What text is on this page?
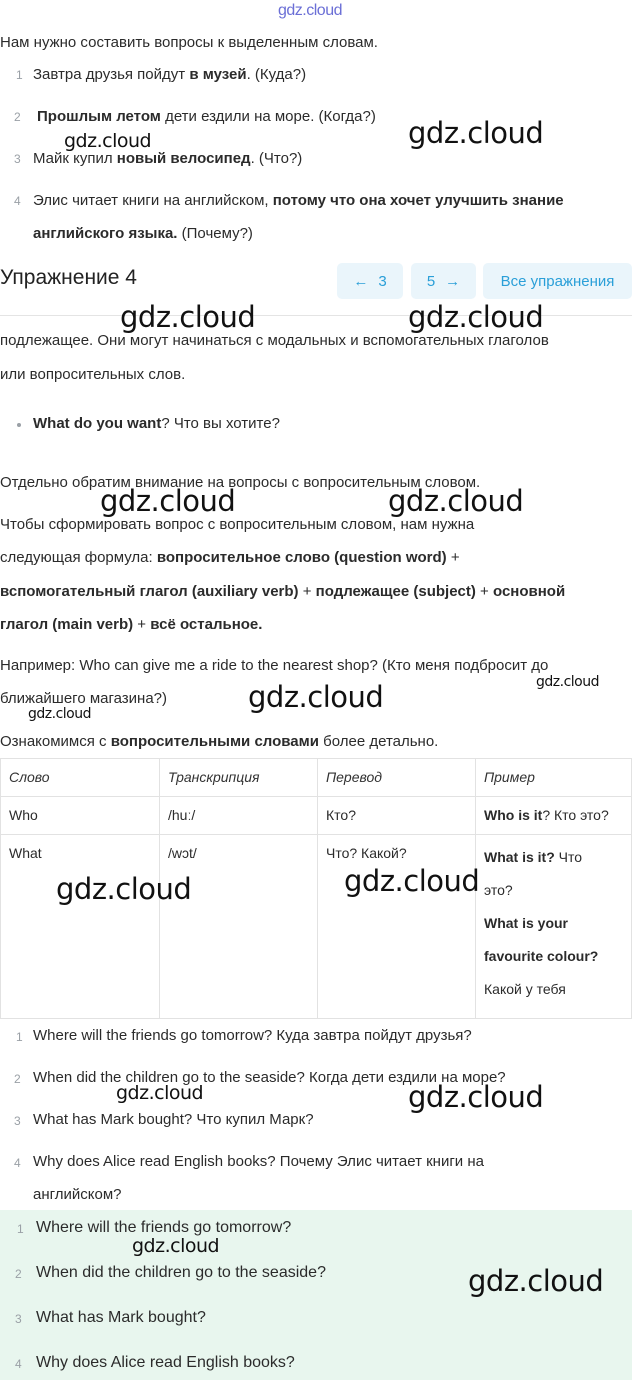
gdz.cloud
Нам нужно составить вопросы к выделенным словам.
1 Завтра друзья пойдут в музей. (Куда?)
2 Прошлым летом дети ездили на море. (Когда?)
3 Майк купил новый велосипед. (Что?)
4 Элис читает книги на английском, потому что она хочет улучшить знание
английского языка. (Почему?)
Упражнение 4	← 3	5 →	Все упражнения
подлежащее. Они могут начинаться с модальных и вспомогательных глаголов
или вопросительных слов.
What do you want? Что вы хотите?
Отдельно обратим внимание на вопросы с вопросительным словом.
Чтобы сформировать вопрос с вопросительным словом, нам нужна
следующая формула: вопросительное слово (question word) +
вспомогательный глагол (auxiliary verb) + подлежащее (subject) + основной
глагол (main verb) + всё остальное.
Например: Who can give me a ride to the nearest shop? (Кто меня подбросит до
ближайшего магазина?)
Ознакомимся с вопросительными словами более детально.
Слово	Транскрипция	Перевод	Пример
Who	/huː/	Кто?	Who is it? Кто это?
What	/wɔt/	Что? Какой?	What is it? Что
это?
What is your
favourite colour?
Какой у тебя
1 Where will the friends go tomorrow? Куда завтра пойдут друзья?
2 When did the children go to the seaside? Когда дети ездили на море?
3 What has Mark bought? Что купил Марк?
4 Why does Alice read English books? Почему Элис читает книги на
английском?
1 Where will the friends go tomorrow?
2 When did the children go to the seaside?
3 What has Mark bought?
4 Why does Alice read English books?
gdz.cloud	gdz.cloud
gdz.cloud	gdz.cloud
gdz.cloud	gdz.cloud
gdz.cloud	gdz.cloud
gdz.cloud
gdz.cloud	gdz.cloud
gdz.cloud	gdz.cloud
gdz.cloud
gdz.cloud
